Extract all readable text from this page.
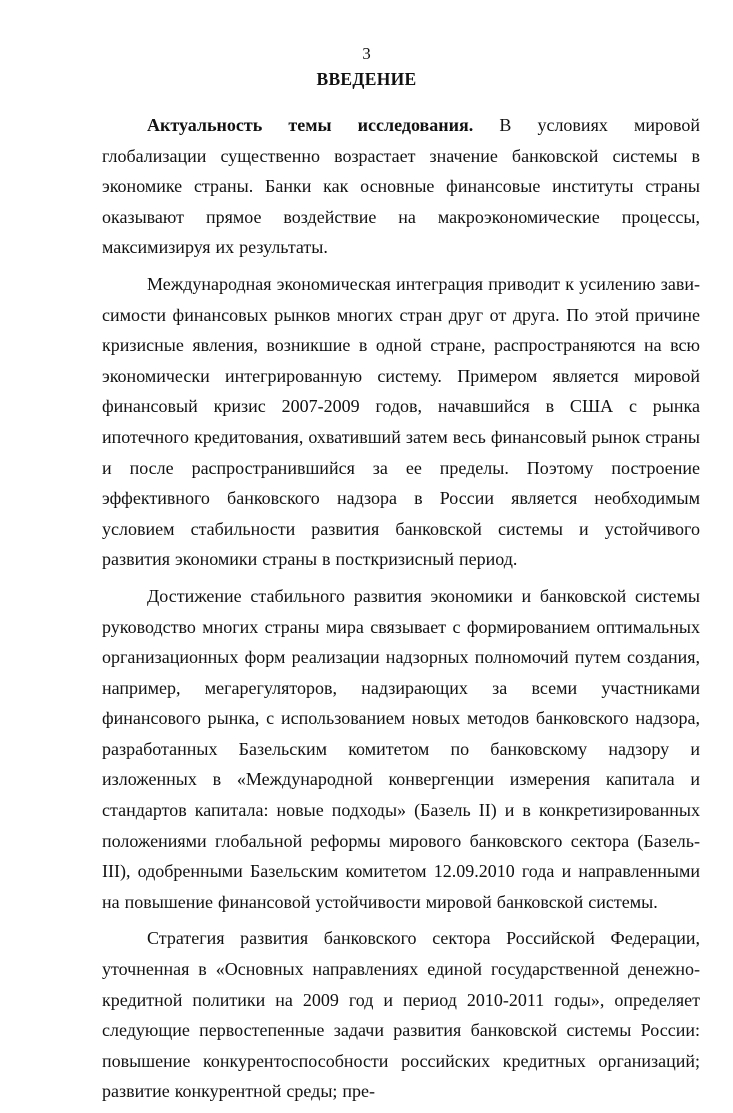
3
ВВЕДЕНИЕ

Актуальность темы исследования. В условиях мировой глобализации существенно возрастает значение банковской системы в экономике страны. Банки как основные финансовые институты страны оказывают прямое воздействие на макроэкономические процессы, максимизируя их результаты.

Международная экономическая интеграция приводит к усилению зависимости финансовых рынков многих стран друг от друга. По этой причине кризисные явления, возникшие в одной стране, распространяются на всю экономически интегрированную систему. Примером является мировой финансовый кризис 2007-2009 годов, начавшийся в США с рынка ипотечного кредитования, охвативший затем весь финансовый рынок страны и после распространившийся за ее пределы. Поэтому построение эффективного банковского надзора в России является необходимым условием стабильности развития банковской системы и устойчивого развития экономики страны в посткризисный период.

Достижение стабильного развития экономики и банковской системы руководство многих страны мира связывает с формированием оптимальных организационных форм реализации надзорных полномочий путем создания, например, мегарегуляторов, надзирающих за всеми участниками финансового рынка, с использованием новых методов банковского надзора, разработанных Базельским комитетом по банковскому надзору и изложенных в «Международной конвергенции измерения капитала и стандартов капитала: новые подходы» (Базель II) и в конкретизированных положениями глобальной реформы мирового банковского сектора (Базель-III), одобренными Базельским комитетом 12.09.2010 года и направленными на повышение финансовой устойчивости мировой банковской системы.

Стратегия развития банковского сектора Российской Федерации, уточненная в «Основных направлениях единой государственной денежно-кредитной политики на 2009 год и период 2010-2011 годы», определяет следующие первостепенные задачи развития банковской системы России: повышение конкурентоспособности российских кредитных организаций; развитие конкурентной среды; пре-
